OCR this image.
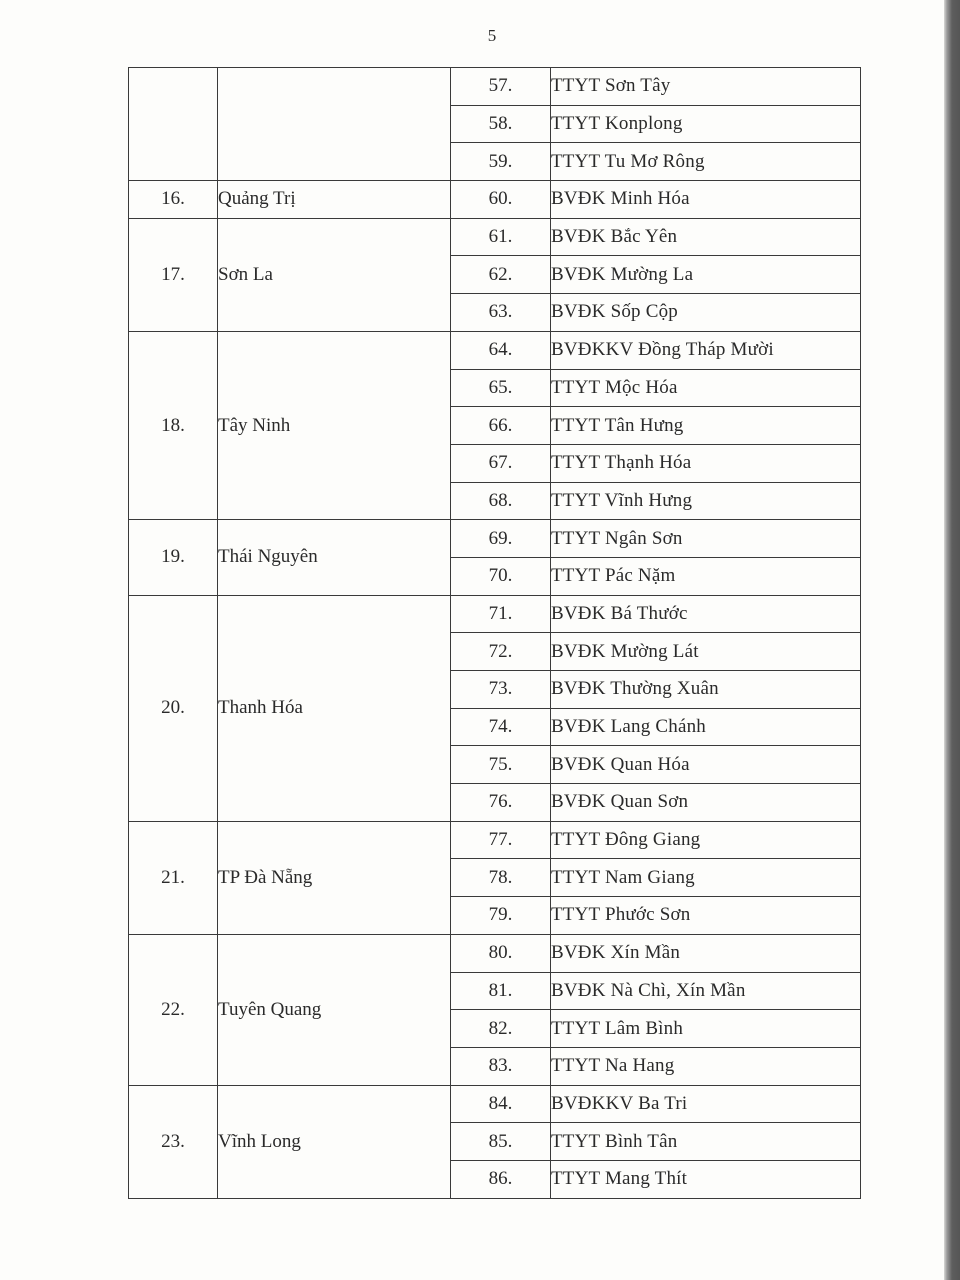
5
		57.	TTYT Sơn Tây
		58.	TTYT Konplong
		59.	TTYT Tu Mơ Rông
16.	Quảng Trị	60.	BVĐK Minh Hóa
17.	Sơn La	61.	BVĐK Bắc Yên
		62.	BVĐK Mường La
		63.	BVĐK Sốp Cộp
18.	Tây Ninh	64.	BVĐKKV Đồng Tháp Mười
		65.	TTYT Mộc Hóa
		66.	TTYT Tân Hưng
		67.	TTYT Thạnh Hóa
		68.	TTYT Vĩnh Hưng
19.	Thái Nguyên	69.	TTYT Ngân Sơn
		70.	TTYT Pác Nặm
20.	Thanh Hóa	71.	BVĐK Bá Thước
		72.	BVĐK Mường Lát
		73.	BVĐK Thường Xuân
		74.	BVĐK Lang Chánh
		75.	BVĐK Quan Hóa
		76.	BVĐK Quan Sơn
21.	TP Đà Nẵng	77.	TTYT Đông Giang
		78.	TTYT Nam Giang
		79.	TTYT Phước Sơn
22.	Tuyên Quang	80.	BVĐK Xín Mần
		81.	BVĐK Nà Chì, Xín Mần
		82.	TTYT Lâm Bình
		83.	TTYT Na Hang
23.	Vĩnh Long	84.	BVĐKKV Ba Tri
		85.	TTYT Bình Tân
		86.	TTYT Mang Thít
